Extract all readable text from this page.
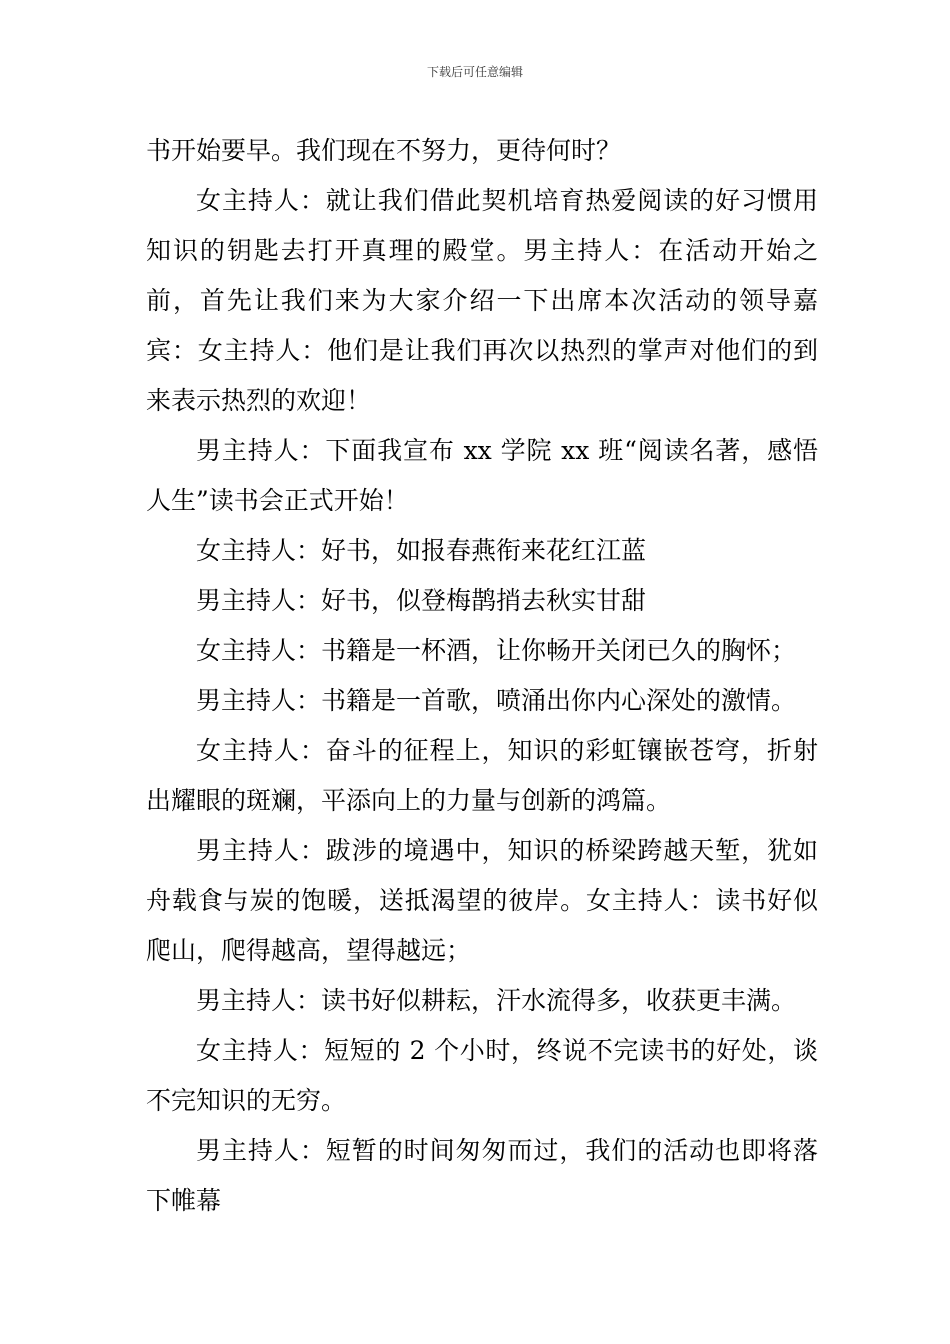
下载后可任意编辑

书开始要早。我们现在不努力，更待何时？

女主持人：就让我们借此契机培育热爱阅读的好习惯用知识的钥匙去打开真理的殿堂。男主持人：在活动开始之前，首先让我们来为大家介绍一下出席本次活动的领导嘉宾：女主持人：他们是让我们再次以热烈的掌声对他们的到来表示热烈的欢迎！

男主持人：下面我宣布 xx 学院 xx 班“阅读名著，感悟人生”读书会正式开始！

女主持人：好书，如报春燕衔来花红江蓝

男主持人：好书，似登梅鹊捎去秋实甘甜

女主持人：书籍是一杯酒，让你畅开关闭已久的胸怀；

男主持人：书籍是一首歌，喷涌出你内心深处的激情。

女主持人：奋斗的征程上，知识的彩虹镶嵌苍穹，折射出耀眼的斑斓，平添向上的力量与创新的鸿篇。

男主持人：跋涉的境遇中，知识的桥梁跨越天堑，犹如舟载食与炭的饱暖，送抵渴望的彼岸。女主持人：读书好似爬山，爬得越高，望得越远；

男主持人：读书好似耕耘，汗水流得多，收获更丰满。

女主持人：短短的 2 个小时，终说不完读书的好处，谈不完知识的无穷。

男主持人：短暂的时间匆匆而过，我们的活动也即将落下帷幕
